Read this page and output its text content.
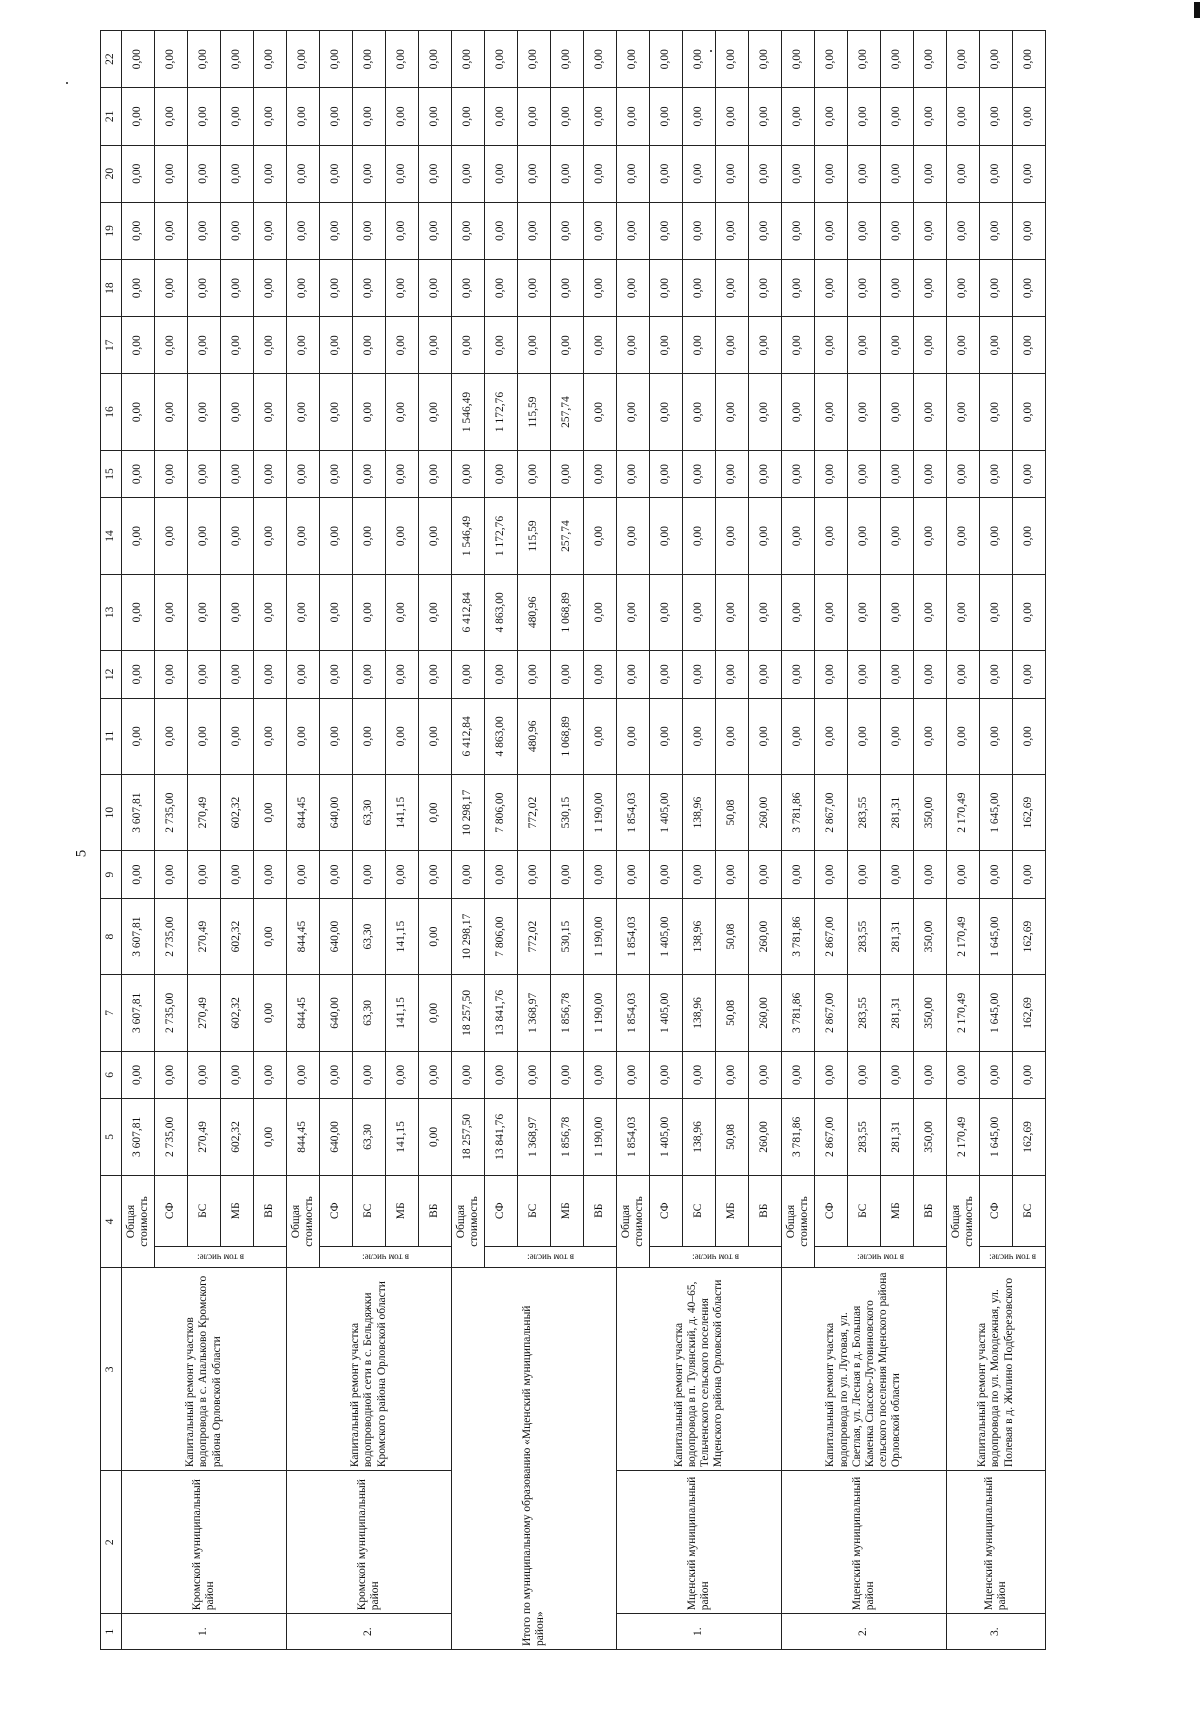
5
1	2	3	4		5	6	7	8	9	10	11	12	13	14	15	16	17	18	19	20	21	22
1.	Кромской муниципальный район	Капитальный ремонт участков водопровода в с. Апальково Кромского района Орловской области	Общая стоимость		3 607,81	0,00	3 607,81	3 607,81	0,00	3 607,81	0,00	0,00	0,00	0,00	0,00	0,00	0,00	0,00	0,00	0,00	0,00	0,00
			в том числе:	СФ	2 735,00	0,00	2 735,00	2 735,00	0,00	2 735,00	0,00	0,00	0,00	0,00	0,00	0,00	0,00	0,00	0,00	0,00	0,00	0,00
				БС	270,49	0,00	270,49	270,49	0,00	270,49	0,00	0,00	0,00	0,00	0,00	0,00	0,00	0,00	0,00	0,00	0,00	0,00
				МБ	602,32	0,00	602,32	602,32	0,00	602,32	0,00	0,00	0,00	0,00	0,00	0,00	0,00	0,00	0,00	0,00	0,00	0,00
				ВБ	0,00	0,00	0,00	0,00	0,00	0,00	0,00	0,00	0,00	0,00	0,00	0,00	0,00	0,00	0,00	0,00	0,00	0,00
2.	Кромской муниципальный район	Капитальный ремонт участка водопроводной сети в с. Бельдяжки Кромского района Орловской области	Общая стоимость		844,45	0,00	844,45	844,45	0,00	844,45	0,00	0,00	0,00	0,00	0,00	0,00	0,00	0,00	0,00	0,00	0,00	0,00
			в том числе:	СФ	640,00	0,00	640,00	640,00	0,00	640,00	0,00	0,00	0,00	0,00	0,00	0,00	0,00	0,00	0,00	0,00	0,00	0,00
				БС	63,30	0,00	63,30	63,30	0,00	63,30	0,00	0,00	0,00	0,00	0,00	0,00	0,00	0,00	0,00	0,00	0,00	0,00
				МБ	141,15	0,00	141,15	141,15	0,00	141,15	0,00	0,00	0,00	0,00	0,00	0,00	0,00	0,00	0,00	0,00	0,00	0,00
				ВБ	0,00	0,00	0,00	0,00	0,00	0,00	0,00	0,00	0,00	0,00	0,00	0,00	0,00	0,00	0,00	0,00	0,00	0,00
Итого по муниципальному образованию «Мценский муниципальный район»			Общая стоимость		18 257,50	0,00	18 257,50	10 298,17	0,00	10 298,17	6 412,84	0,00	6 412,84	1 546,49	0,00	1 546,49	0,00	0,00	0,00	0,00	0,00	0,00
			в том числе:	СФ	13 841,76	0,00	13 841,76	7 806,00	0,00	7 806,00	4 863,00	0,00	4 863,00	1 172,76	0,00	1 172,76	0,00	0,00	0,00	0,00	0,00	0,00
				БС	1 368,97	0,00	1 368,97	772,02	0,00	772,02	480,96	0,00	480,96	115,59	0,00	115,59	0,00	0,00	0,00	0,00	0,00	0,00
				МБ	1 856,78	0,00	1 856,78	530,15	0,00	530,15	1 068,89	0,00	1 068,89	257,74	0,00	257,74	0,00	0,00	0,00	0,00	0,00	0,00
				ВБ	1 190,00	0,00	1 190,00	1 190,00	0,00	1 190,00	0,00	0,00	0,00	0,00	0,00	0,00	0,00	0,00	0,00	0,00	0,00	0,00
1.	Мценский муниципальный район	Капитальный ремонт участка водопровода в п. Тулянский, д. 40–65, Тельченского сельского поселения Мценского района Орловской области	Общая стоимость		1 854,03	0,00	1 854,03	1 854,03	0,00	1 854,03	0,00	0,00	0,00	0,00	0,00	0,00	0,00	0,00	0,00	0,00	0,00	0,00
			в том числе:	СФ	1 405,00	0,00	1 405,00	1 405,00	0,00	1 405,00	0,00	0,00	0,00	0,00	0,00	0,00	0,00	0,00	0,00	0,00	0,00	0,00
				БС	138,96	0,00	138,96	138,96	0,00	138,96	0,00	0,00	0,00	0,00	0,00	0,00	0,00	0,00	0,00	0,00	0,00	0,00
				МБ	50,08	0,00	50,08	50,08	0,00	50,08	0,00	0,00	0,00	0,00	0,00	0,00	0,00	0,00	0,00	0,00	0,00	0,00
				ВБ	260,00	0,00	260,00	260,00	0,00	260,00	0,00	0,00	0,00	0,00	0,00	0,00	0,00	0,00	0,00	0,00	0,00	0,00
2.	Мценский муниципальный район	Капитальный ремонт участка водопровода по ул. Луговая, ул. Светлая, ул. Лесная в д. Большая Каменка Спасско-Лутовиновского сельского поселения Мценского района Орловской области	Общая стоимость		3 781,86	0,00	3 781,86	3 781,86	0,00	3 781,86	0,00	0,00	0,00	0,00	0,00	0,00	0,00	0,00	0,00	0,00	0,00	0,00
			в том числе:	СФ	2 867,00	0,00	2 867,00	2 867,00	0,00	2 867,00	0,00	0,00	0,00	0,00	0,00	0,00	0,00	0,00	0,00	0,00	0,00	0,00
				БС	283,55	0,00	283,55	283,55	0,00	283,55	0,00	0,00	0,00	0,00	0,00	0,00	0,00	0,00	0,00	0,00	0,00	0,00
				МБ	281,31	0,00	281,31	281,31	0,00	281,31	0,00	0,00	0,00	0,00	0,00	0,00	0,00	0,00	0,00	0,00	0,00	0,00
				ВБ	350,00	0,00	350,00	350,00	0,00	350,00	0,00	0,00	0,00	0,00	0,00	0,00	0,00	0,00	0,00	0,00	0,00	0,00
3.	Мценский муниципальный район	Капитальный ремонт участка водопровода по ул. Молодежная, ул. Полевая в д. Жилино Подберезовского	Общая стоимость		2 170,49	0,00	2 170,49	2 170,49	0,00	2 170,49	0,00	0,00	0,00	0,00	0,00	0,00	0,00	0,00	0,00	0,00	0,00	0,00
			в том числе:	СФ	1 645,00	0,00	1 645,00	1 645,00	0,00	1 645,00	0,00	0,00	0,00	0,00	0,00	0,00	0,00	0,00	0,00	0,00	0,00	0,00
				БС	162,69	0,00	162,69	162,69	0,00	162,69	0,00	0,00	0,00	0,00	0,00	0,00	0,00	0,00	0,00	0,00	0,00	0,00
